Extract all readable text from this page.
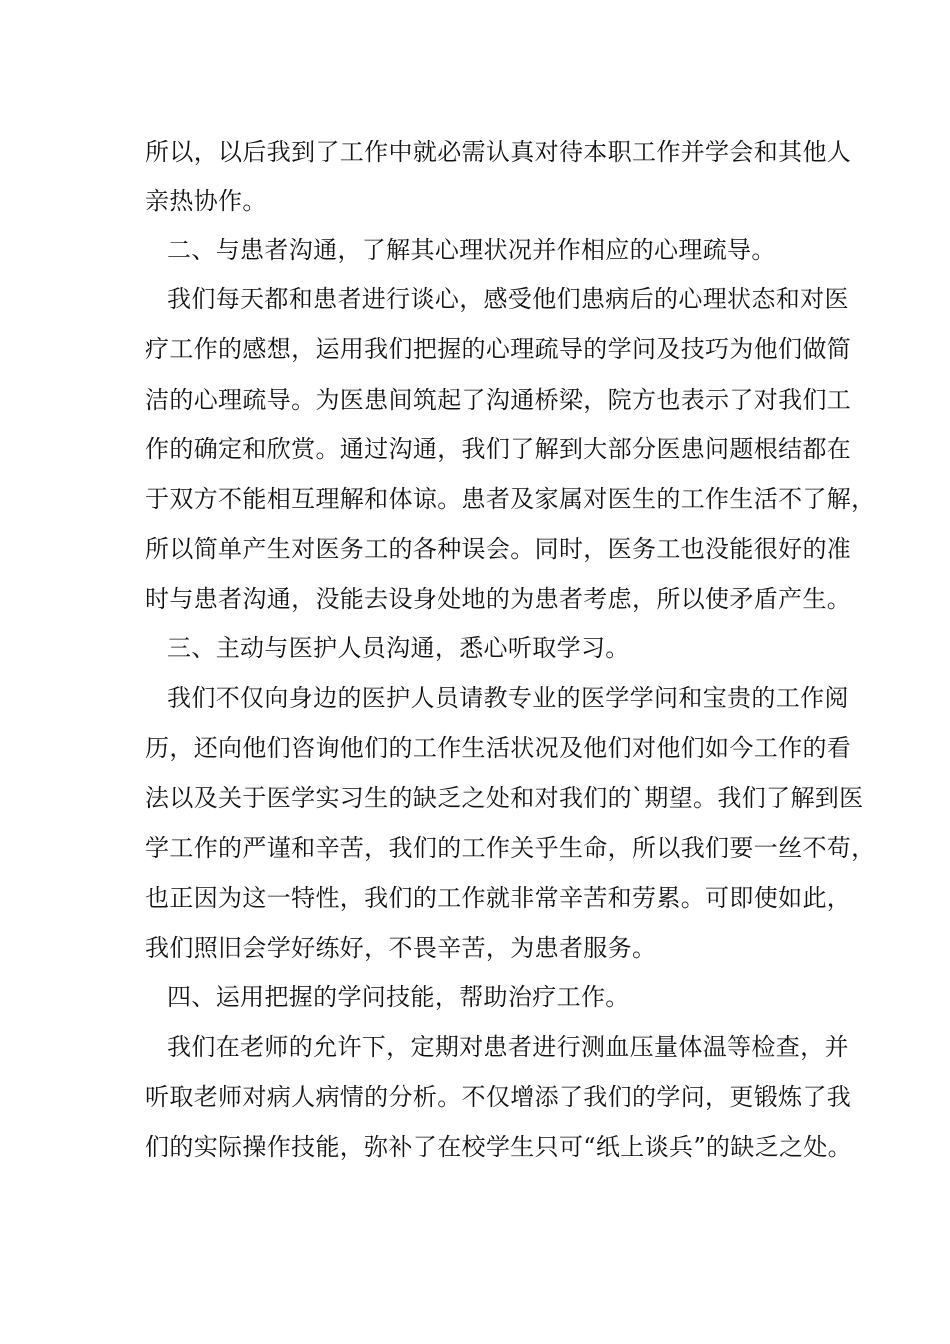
所以，以后我到了工作中就必需认真对待本职工作并学会和其他人
亲热协作。
二、与患者沟通，了解其心理状况并作相应的心理疏导。
我们每天都和患者进行谈心，感受他们患病后的心理状态和对医
疗工作的感想，运用我们把握的心理疏导的学问及技巧为他们做简
洁的心理疏导。为医患间筑起了沟通桥梁，院方也表示了对我们工
作的确定和欣赏。通过沟通，我们了解到大部分医患问题根结都在
于双方不能相互理解和体谅。患者及家属对医生的工作生活不了解，
所以简单产生对医务工的各种误会。同时，医务工也没能很好的准
时与患者沟通，没能去设身处地的为患者考虑，所以使矛盾产生。
三、主动与医护人员沟通，悉心听取学习。
我们不仅向身边的医护人员请教专业的医学学问和宝贵的工作阅
历，还向他们咨询他们的工作生活状况及他们对他们如今工作的看
法以及关于医学实习生的缺乏之处和对我们的`期望。我们了解到医
学工作的严谨和辛苦，我们的工作关乎生命，所以我们要一丝不苟，
也正因为这一特性，我们的工作就非常辛苦和劳累。可即使如此，
我们照旧会学好练好，不畏辛苦，为患者服务。
四、运用把握的学问技能，帮助治疗工作。
我们在老师的允许下，定期对患者进行测血压量体温等检查，并
听取老师对病人病情的分析。不仅增添了我们的学问，更锻炼了我
们的实际操作技能，弥补了在校学生只可“纸上谈兵”的缺乏之处。
